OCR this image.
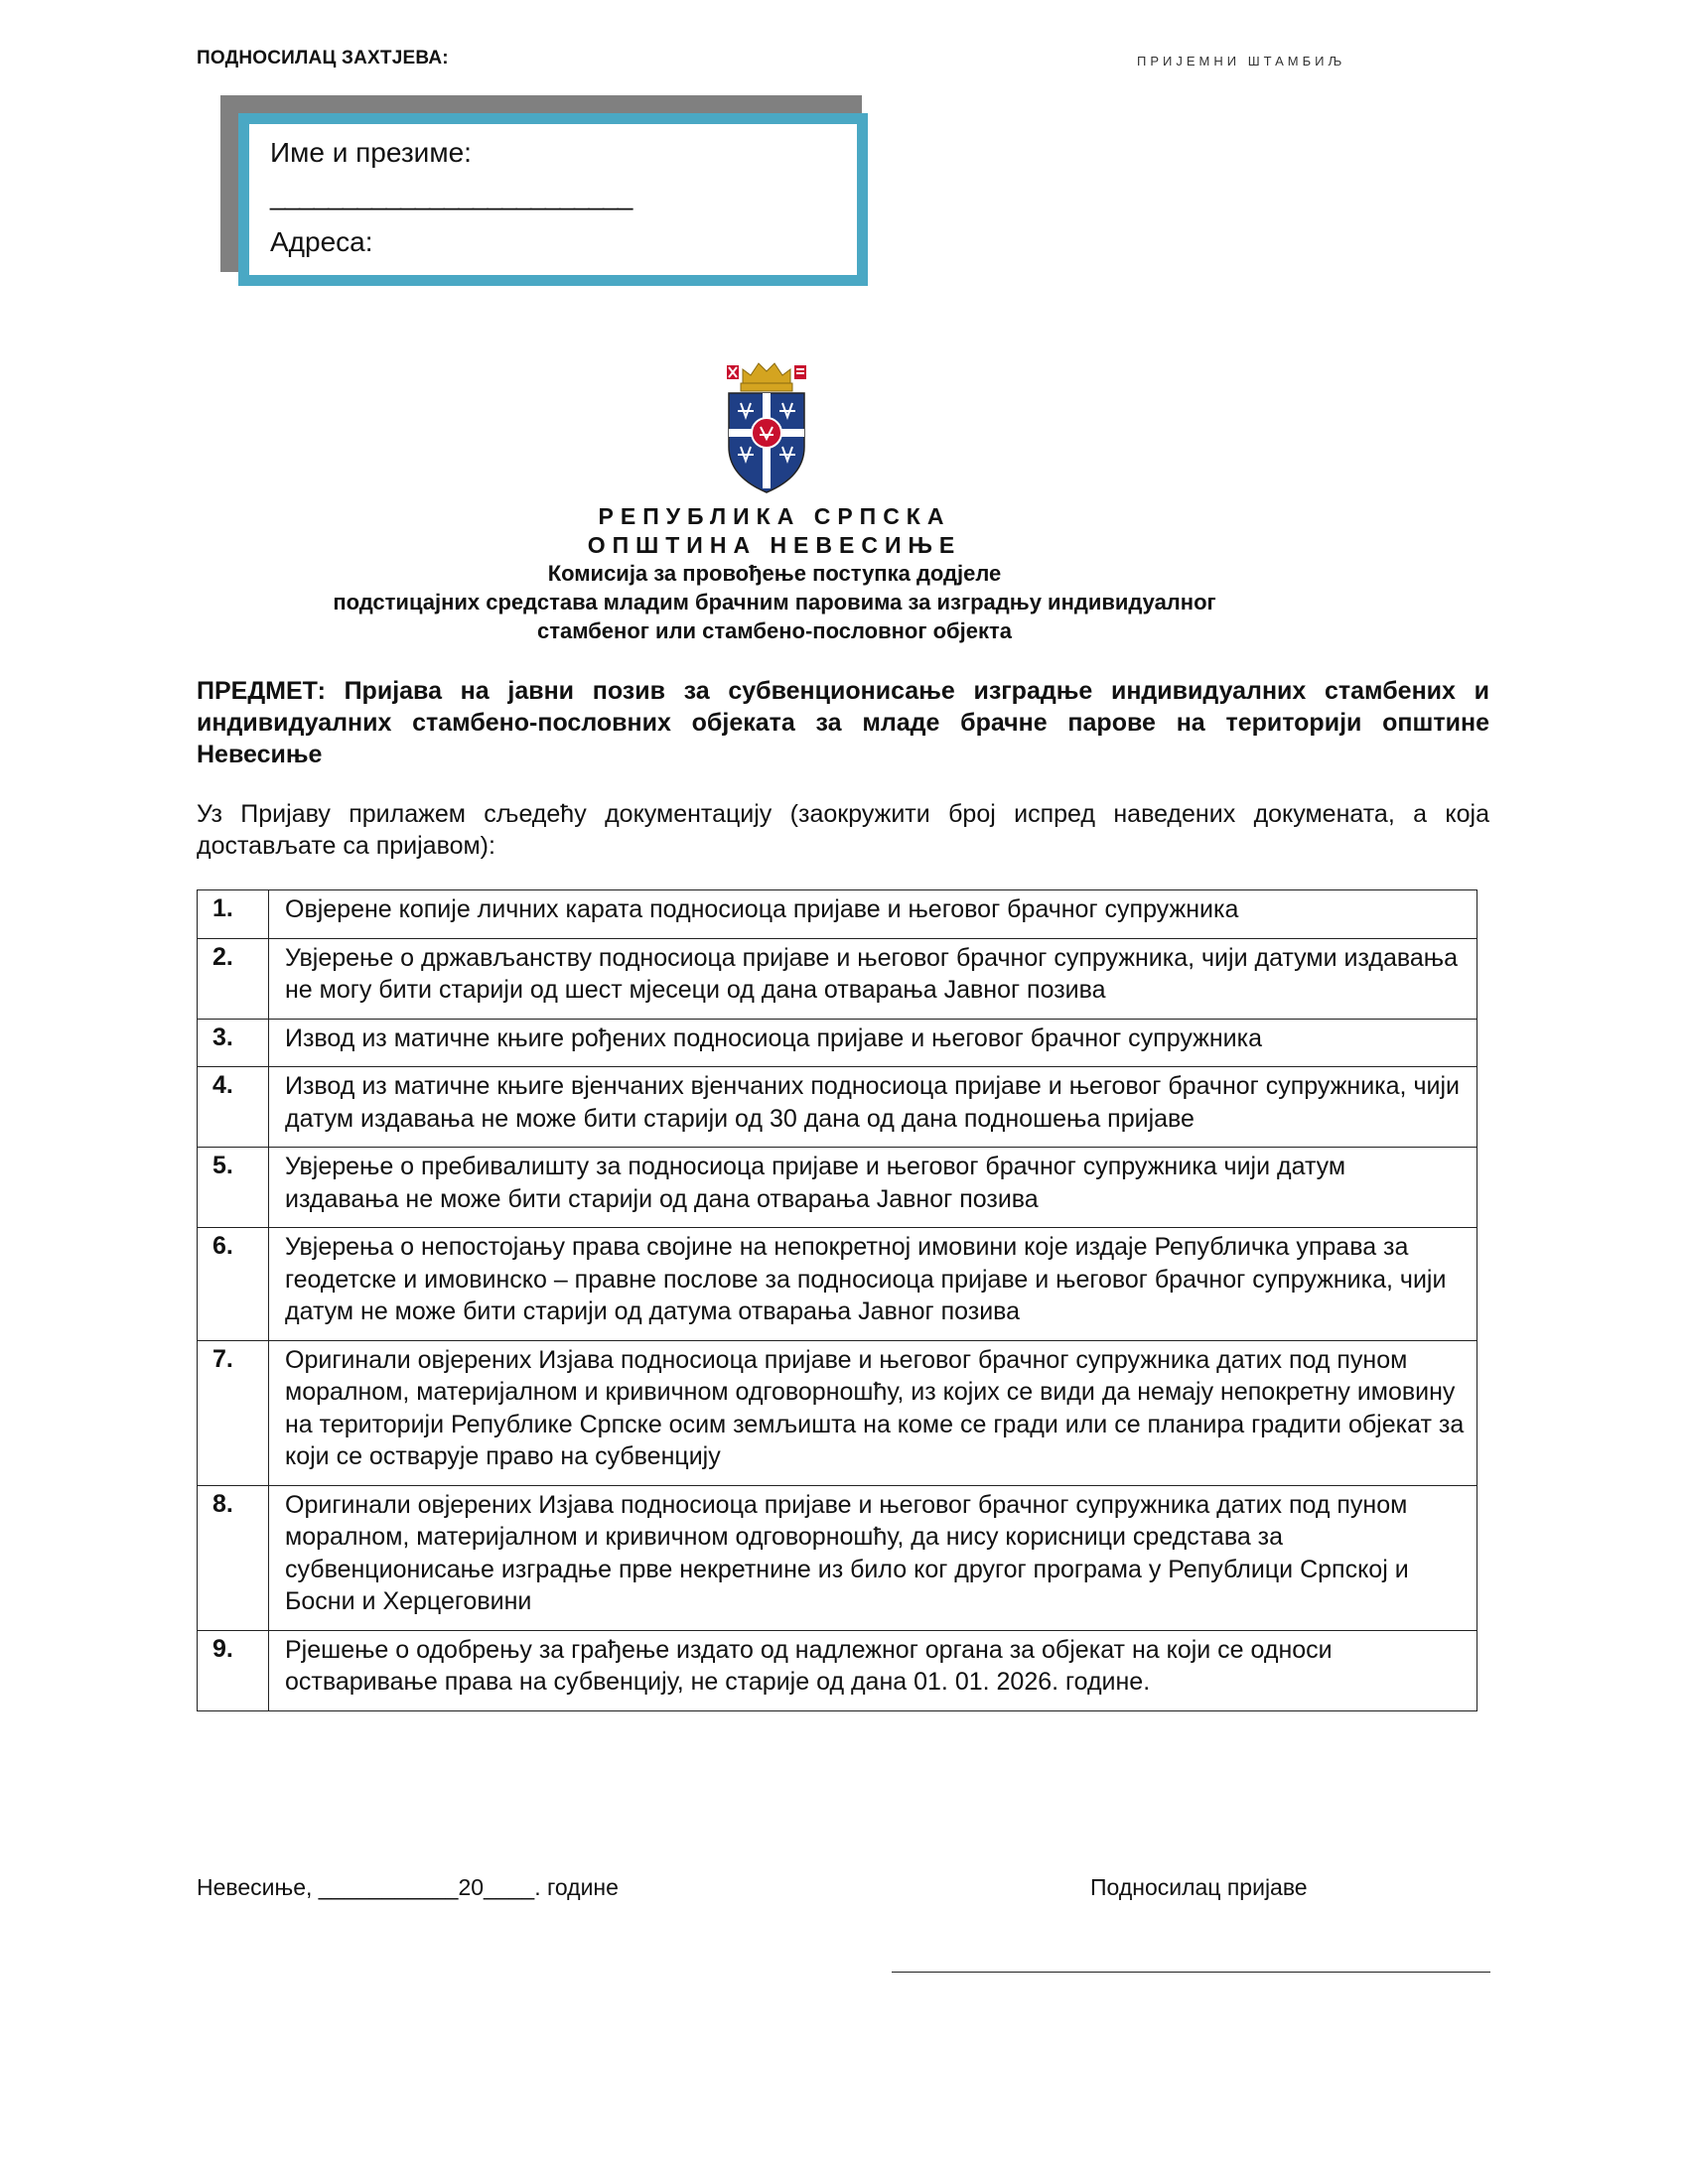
ПОДНОСИЛАЦ ЗАХТЈЕВА:	ПРИЈЕМНИ ШТАМБИЉ
Име и презиме:
_________________________
Адреса:
РЕПУБЛИКА СРПСКА
ОПШТИНА НЕВЕСИЊЕ
Комисија за провођење поступка додјеле
подстицајних средстава младим брачним паровима за изградњу индивидуалног
стамбеног или стамбено-пословног објекта
ПРЕДМЕТ: Пријава на јавни позив за субвенционисање изградње индивидуалних стамбених и индивидуалних стамбено-пословних објеката за младе брачне парове на територији општине Невесиње
Уз Пријаву прилажем сљедећу документацију (заокружити број испред наведених докумената, а која достављате са пријавом):
1.	Овјерене копије личних карата подносиоца пријаве и његовог брачног супружника
2.	Увјерење о држављанству подносиоца пријаве и његовог брачног супружника, чији датуми издавања не могу бити старији од шест мјесеци од дана отварања Јавног позива
3.	Извод из матичне књиге рођених подносиоца пријаве и његовог брачног супружника
4.	Извод из матичне књиге вјенчаних вјенчаних подносиоца пријаве и његовог брачног супружника, чији датум издавања не може бити старији од 30 дана од дана подношења пријаве
5.	Увјерење о пребивалишту за подносиоца пријаве и његовог брачног супружника чији датум издавања не може бити старији од дана отварања Јавног позива
6.	Увјерења о непостојању права својине на непокретној имовини које издаје Републичка управа за геодетске и имовинско – правне послове за подносиоца пријаве и његовог брачног супружника, чији датум не може бити старији од датума отварања Јавног позива
7.	Оригинали овјерених Изјава подносиоца пријаве и његовог брачног супружника датих под пуном моралном, материјалном и кривичном одговорношћу, из којих се види да немају непокретну имовину на територији Републике Српске осим земљишта на коме се гради или се планира градити објекат за који се остварује право на субвенцију
8.	Оригинали овјерених Изјава подносиоца пријаве и његовог брачног супружника датих под пуном моралном, материјалном и кривичном одговорношћу, да нису корисници средстава за субвенционисање изградње прве некретнине из било ког другог програма у Републици Српској и Босни и Херцеговини
9.	Рјешење о одобрењу за грађење издато од надлежног органа за објекат на који се односи остваривање права на субвенцију, не старије од дана 01. 01. 2026. године.
Невесиње, ___________20____. године	Подносилац пријаве
